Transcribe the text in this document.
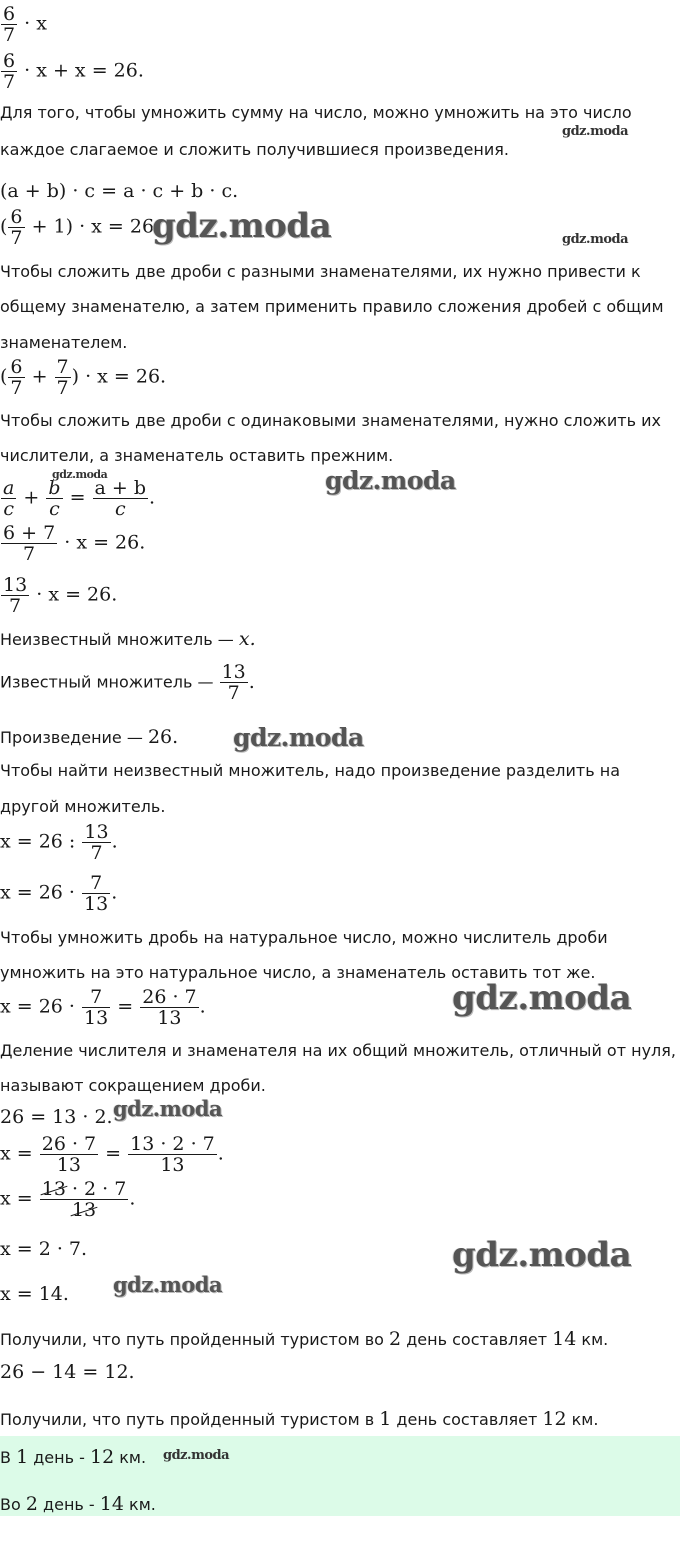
$\frac{6}{7} \cdot x$
$\frac{6}{7} \cdot x + x = 26$.
Для того, чтобы умножить сумму на число, можно умножить на это число
каждое слагаемое и сложить получившиеся произведения.
(a + b) · c = a · c + b · c.
( $\frac{6}{7} + 1) \cdot x = 26$.
Чтобы сложить две дроби с разными знаменателями, их нужно привести к
общему знаменателю, а затем применить правило сложения дробей с общим
знаменателем.
( $\frac{6}{7} + \frac{7}{7}$ ) · x = 26.
Чтобы сложить две дроби с одинаковыми знаменателями, нужно сложить их
числители, а знаменатель оставить прежним.
$\frac{a}{c} + \frac{b}{c} = \frac{a + b}{c}$ .
$\frac{6 + 7}{7} \cdot x = 26$.
$\frac{13}{7} \cdot x = 26$.
Неизвестный множитель — x.
Известный множитель — $\frac{13}{7}$ .
Произведение — 26.
Чтобы найти неизвестный множитель, надо произведение разделить на
другой множитель.
x = 26 : $\frac{13}{7}$ .
$x = 26 \cdot \frac{7}{13}$ .
Чтобы умножить дробь на натуральное число, можно числитель дроби
умножить на это натуральное число, а знаменатель оставить тот же.
$x = 26 \cdot \frac{7}{13} = \frac{26 \cdot 7}{13}$ .
Деление числителя и знаменателя на их общий множитель, отличный от нуля,
называют сокращением дроби.
26 = 13 · 2.
$x = \frac{26 \cdot 7}{13} = \frac{13 \cdot 2 \cdot 7}{13}$ .
$x = \frac{13 \cdot 2 \cdot 7}{13}$ .
x = 2 · 7.
x = 14.
Получили, что путь пройденный туристом во 2 день составляет 14 км.
26 − 14 = 12.
Получили, что путь пройденный туристом в 1 день составляет 12 км.
В 1 день - 12 км.
Во 2 день - 14 км.
gdz.moda
gdz.moda	gdz.moda
gdz.moda	gdz.moda
gdz.moda
gdz.moda
gdz.moda
gdz.moda
gdz.moda
gdz.moda
